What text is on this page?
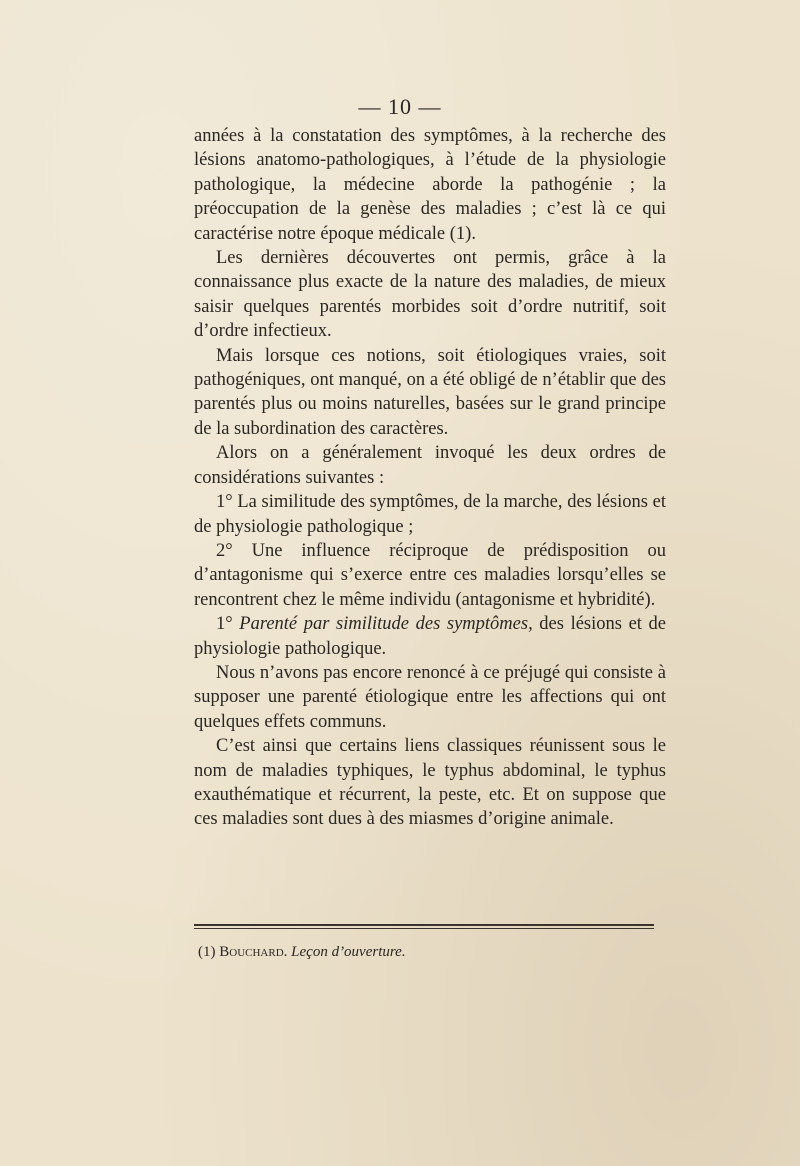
— 10 —

années à la constatation des symptômes, à la recherche des lésions anatomo-pathologiques, à l’étude de la physiologie pathologique, la médecine aborde la pathogénie ; la préoccupation de la genèse des maladies ; c’est là ce qui caractérise notre époque médicale (1).

Les dernières découvertes ont permis, grâce à la connaissance plus exacte de la nature des maladies, de mieux saisir quelques parentés morbides soit d’ordre nutritif, soit d’ordre infectieux.

Mais lorsque ces notions, soit étiologiques vraies, soit pathogéniques, ont manqué, on a été obligé de n’établir que des parentés plus ou moins naturelles, basées sur le grand principe de la subordination des caractères.

Alors on a généralement invoqué les deux ordres de considérations suivantes :

1° La similitude des symptômes, de la marche, des lésions et de physiologie pathologique ;

2° Une influence réciproque de prédisposition ou d’antagonisme qui s’exerce entre ces maladies lorsqu’elles se rencontrent chez le même individu (antagonisme et hybridité).

1° Parenté par similitude des symptômes, des lésions et de physiologie pathologique.

Nous n’avons pas encore renoncé à ce préjugé qui consiste à supposer une parenté étiologique entre les affections qui ont quelques effets communs.

C’est ainsi que certains liens classiques réunissent sous le nom de maladies typhiques, le typhus abdominal, le typhus exauthématique et récurrent, la peste, etc. Et on suppose que ces maladies sont dues à des miasmes d’origine animale.

(1) Bouchard. Leçon d’ouverture.
